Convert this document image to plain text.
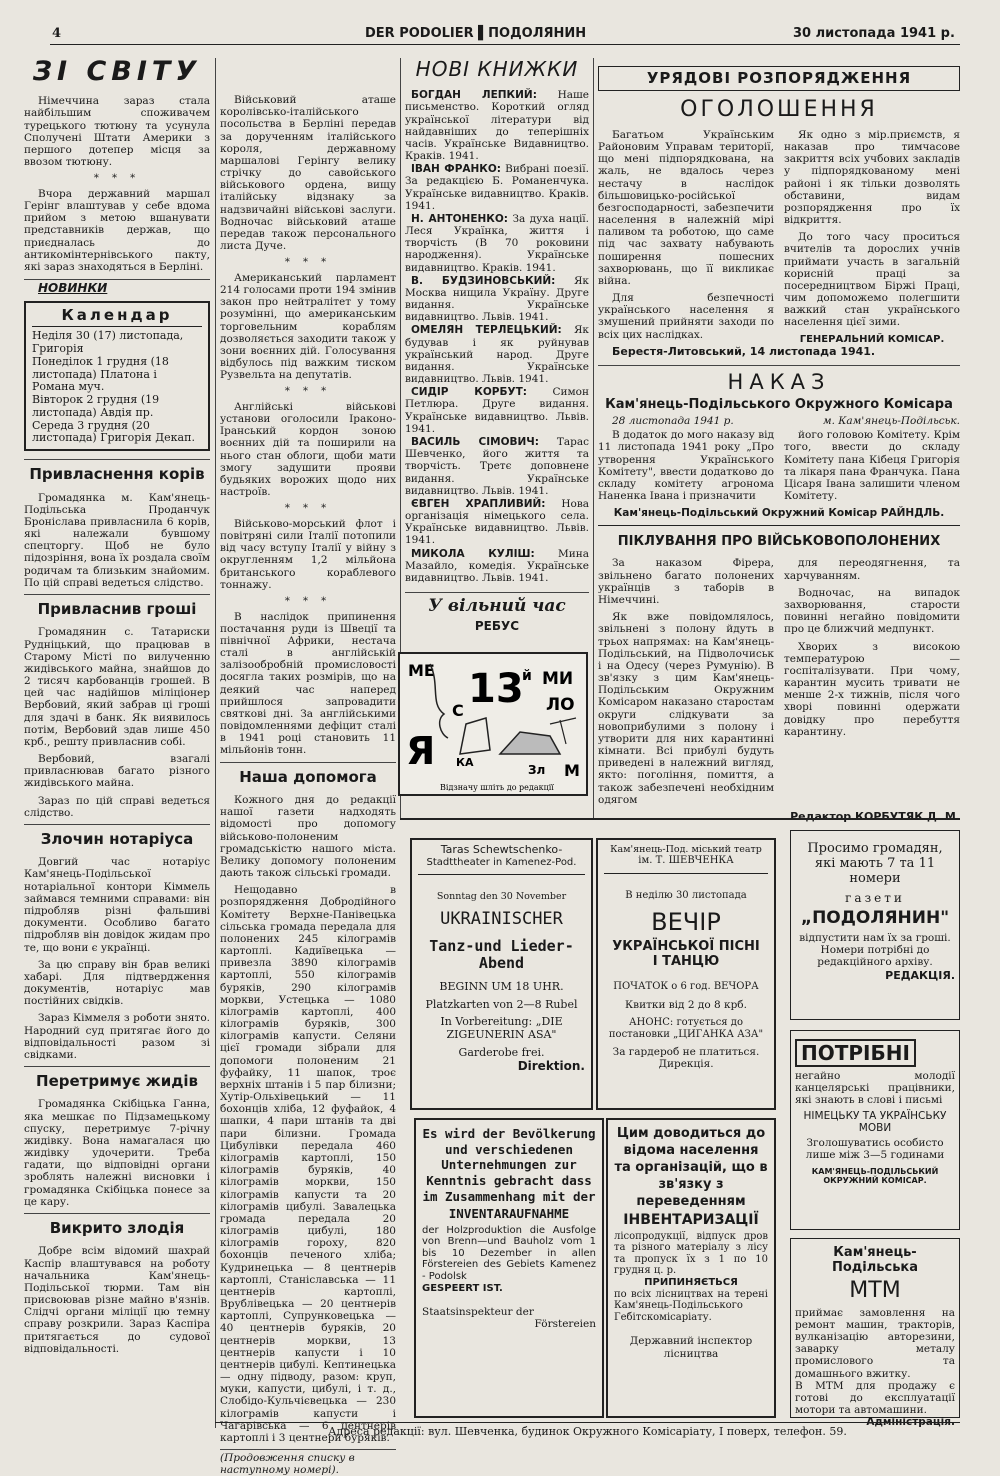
4	DER PODOLIER ▌ПОДОЛЯНИН	30 листопада 1941 р.
ЗІ СВІТУ
Німеччина зараз стала найбільшим споживачем турецького тютюну та усунула Сполучені Штати Америки з першого дотепер місця за ввозом тютюну.
* * *
Вчора державний маршал Герінг влаштував у себе вдома прийом з метою вшанувати представників держав, що приєдналась до антикомінтернівського пакту, які зараз знаходяться в Берліні.
НОВИНКИ
Календар
Неділя 30 (17) листопада, Григорія
Понеділок 1 грудня (18 листопада) Платона і Романа муч.
Вівторок 2 грудня (19 листопада) Авдія пр.
Середа 3 грудня (20 листопада) Григорія Декап.
Привласнення корів
Громадянка м. Кам'янець-Подільська Проданчук Броніслава привласнила 6 корів, які належали бувшому спецторгу. Щоб не було підозріння, вона їх роздала своїм родичам та близьким знайомим. По цій справі ведеться слідство.
Привласнив гроші
Громадянин с. Татариски Рудніцький, що працював в Старому Місті по вилученню жидівського майна, знайшов до 2 тисяч карбованців грошей. В цей час надійшов міліціонер Вербовий, який забрав ці гроші для здачі в банк. Як виявилось потім, Вербовий здав лише 450 крб., решту привласнив собі.
Вербовий, взагалі привласнював багато різного жидівського майна.
Зараз по цій справі ведеться слідство.
Злочин нотаріуса
Довгий час нотаріус Кам'янець-Подільської нотаріальної контори Кіммель займався темними справами: він підробляв різні фальшиві документи. Особливо багато підробляв він довідок жидам про те, що вони є українці.
За цю справу він брав великі хабарі. Для підтвердження документів, нотаріус мав постійних свідків.
Зараз Кіммеля з роботи знято. Народний суд притягає його до відповідальності разом зі свідками.
Перетримує жидів
Громадянка Скібіцька Ганна, яка мешкає по Підзамецькому спуску, перетримує 7-річну жидівку. Вона намагалася цю жидівку удочерити. Треба гадати, що відповідні органи зроблять належні висновки і громадянка Скібіцька понесе за це кару.
Викрито злодія
Добре всім відомий шахрай Каспір влаштувався на роботу начальника Кам'янець-Подільської тюрми. Там він присвоював різне майно в'язнів. Слідчі органи міліції цю темну справу розкрили. Зараз Каспіра притягається до судової відповідальності.
Військовий аташе королівсько-італійського посольства в Берліні передав за дорученням італійського короля, державному маршалові Герінгу велику стрічку до савойського військового ордена, вищу італійську відзнаку за надзвичайні військові заслуги. Водночас військовий аташе передав також персонального листа Дуче.
* * *
Американський парламент 214 голосами проти 194 змінив закон про нейтралітет у тому розумінні, що американським торговельним кораблям дозволяється заходити також у зони воєнних дій. Голосування відбулось під важким тиском Рузвельта на депутатів.
* * *
Англійські військові установи оголосили Іраконо-Іранський кордон зоною воєнних дій та поширили на нього стан облоги, щоби мати змогу задушити прояви будьяких ворожих щодо них настроїв.
* * *
Військово-морський флот і повітряні сили Італії потопили від часу вступу Італії у війну з округленням 1,2 мільйона британського кораблевого тоннажу.
* * *
В наслідок припинення постачання руди із Швеції та північної Африки, нестача сталі в англійській залізообробній промисловості досягла таких розмірів, що на деякий час наперед прийшлося запровадити святкові дні. За англійськими повідомленнями дефіцит сталі в 1941 році становить 11 мільйонів тонн.
Наша допомога
Кожного дня до редакції нашої газети надходять відомості про допомогу військово-полоненим громадськістю нашого міста. Велику допомогу полоненим дають також сільські громади.
Нещодавно в розпорядження Добродійного Комітету Верхне-Панівецька сільська громада передала для полонених 245 кілограмів картоплі. Кадиївецька — привезла 3890 кілограмів картоплі, 550 кілограмів буряків, 290 кілограмів моркви, Устецька — 1080 кілограмів картоплі, 400 кілограмів буряків, 300 кілограмів капусти. Селяни цієї громади зібрали для допомоги полоненим 21 фуфайку, 11 шапок, троє верхніх штанів і 5 пар білизни; Хутір-Ольхівецький — 11 бохонців хліба, 12 фуфайок, 4 шапки, 4 пари штанів та дві пари білизни. Громада Цибулівки передала 460 кілограмів картоплі, 150 кілограмів буряків, 40 кілограмів моркви, 150 кілограмів капусти та 20 кілограмів цибулі. Завалецька громада передала 20 кілограмів цибулі, 180 кілограмів гороху, 820 бохонців печеного хліба; Кудринецька — 8 центнерів картоплі, Станіславська — 11 центнерів картоплі, Врублівецька — 20 центнерів картоплі, Супрунковецька — 40 центнерів буряків, 20 центнерів моркви, 13 центнерів капусти і 10 центнерів цибулі. Кептинецька — одну підводу, разом: круп, муки, капусти, цибулі, і т. д., Слобідо-Кульчієвецька — 230 кілограмів капусти і Чагарівська — 6 центнерів картоплі і 3 центнери буряків.
(Продовження списку в наступному номері).
НОВІ КНИЖКИ
БОГДАН ЛЕПКИЙ: Наше письменство. Короткий огляд української літератури від найдавніших до теперішніх часів. Українське Видавництво. Краків. 1941.
ІВАН ФРАНКО: Вибрані поезії. За редакцією Б. Романенчука. Українське видавництво. Краків. 1941.
Н. АНТОНЕНКО: За духа нації. Леся Українка, життя і творчість (В 70 роковини народження). Українське видавництво. Краків. 1941.
В. БУДЗИНОВСЬКИЙ: Як Москва нищила Україну. Друге видання. Українське видавництво. Львів. 1941.
ОМЕЛЯН ТЕРЛЕЦЬКИЙ: Як будував і як руйнував український народ. Друге видання. Українське видавництво. Львів. 1941.
СИДІР КОРБУТ: Симон Петлюра. Друге видання. Українське видавництво. Львів. 1941.
ВАСИЛЬ СІМОВИЧ: Тарас Шевченко, його життя та творчість. Третє доповнене видання. Українське видавництво. Львів. 1941.
ЄВГЕН ХРАПЛИВИЙ: Нова організація німецького села. Українське видавництво. Львів. 1941.
МИКОЛА КУЛІШ: Мина Мазайло, комедія. Українське видавництво. Львів. 1941.
У вільний час
РЕБУС
МЕ 13
й МИ
ЛО
С
Я КА
Зл М
Відзначу шліть до редакції
УРЯДОВІ РОЗПОРЯДЖЕННЯ
ОГОЛОШЕННЯ
Багатьом Українським Районовим Управам території, що мені підпорядкована, на жаль, не вдалось через нестачу в наслідок більшовицько-російської безгосподарності, забезпечити населення в належній мірі паливом та роботою, що саме під час захвату набувають поширення пошесних захворювань, що її викликає війна.
Для безпечності українського населення я змушений прийняти заходи по всіх цих наслідках.
Як одно з мір.приємств, я наказав про тимчасове закриття всіх учбових закладів у підпорядкованому мені районі і як тільки дозволять обставини, видам розпорядження про їх відкриття.
До того часу проситься вчителів та дорослих учнів приймати участь в загальній корисній праці за посередництвом Біржі Праці, чим допоможемо полегшити важкий стан українського населення цієї зими.
ГЕНЕРАЛЬНИЙ КОМІСАР.
Берестя-Литовський, 14 листопада 1941.
НАКАЗ
Кам'янець-Подільського Окружного Комісара
28 листопада 1941 р.	м. Кам'янець-Подільськ.
В додаток до мого наказу від 11 листопада 1941 року „Про утворення Українського Комітету", ввести додатково до складу комітету агронома Наненка Івана і призначити
його головою Комітету. Крім того, ввести до складу Комітету пана Кібеця Григорія та лікаря пана Франчука. Пана Цісаря Івана залишити членом Комітету.
Кам'янець-Подільський Окружний Комісар РАЙНДЛЬ.
ПІКЛУВАННЯ ПРО ВІЙСЬКОВОПОЛОНЕНИХ
За наказом Фірера, звільнено багато полонених українців з таборів в Німеччині.
Як вже повідомлялось, звільнені з полону йдуть в трьох напрямах: на Кам'янець-Подільський, на Підволочиськ і на Одесу (через Румунію). В зв'язку з цим Кам'янець-Подільським Окружним Комісаром наказано старостам округи слідкувати за новоприбулими з полону і утворити для них карантинні кімнати. Всі прибулі будуть приведені в належний вигляд, якто: погоління, помиття, а також забезпечені необхідним одягом
для переодягнення, та харчуванням.
Водночас, на випадок захворювання, старости повинні негайно повідомити про це ближчий медпункт.
Хворих з високою температурою — госпіталізувати. При чому, карантин мусить тривати не менше 2-х тижнів, після чого хворі повинні одержати довідку про перебуття карантину.
Редактор КОРБУТЯК Д. М.
Taras Schewtschenko-
Stadttheater in Kamenez-Pod.
Sonntag den 30 November
UKRAINISCHER
Tanz-und Lieder-Abend
BEGINN UM 18 UHR.
Platzkarten von 2—8 Rubel
In Vorbereitung: „DIE ZIGEUNERIN ASA"
Garderobe frei.
Direktion.
Кам'янець-Под. міський театр
ім. Т. ШЕВЧЕНКА
В неділю 30 листопада
ВЕЧІР
УКРАЇНСЬКОЇ ПІСНІ
І ТАНЦЮ
ПОЧАТОК о 6 год. ВЕЧОРА
Квитки від 2 до 8 крб.
АНОНС: готується до постановки „ЦИГАНКА АЗА"
За гардероб не платиться.
Дирекція.
Просимо громадян,
які мають 7 та 11
номери
газети
„ПОДОЛЯНИН"
відпустити нам їх за гроші. Номери потрібні до редакційного архіву.
РЕДАКЦІЯ.
ПОТРІБНІ
негайно молодії канцелярські працівники, які знають в слові і письмі
НІМЕЦЬКУ ТА УКРАЇНСЬКУ МОВИ
Зголошуватись особисто лише між 3—5 годинами
КАМ'ЯНЕЦЬ-ПОДІЛЬСЬКИЙ ОКРУЖНИЙ КОМІСАР.
Es wird der Bevölkerung und verschiedenen Unternehmungen zur Kenntnis gebracht dass im Zusammenhang mit der
INVENTARAUFNAHME
der Holzproduktion die Ausfolge von Brenn—und Bauholz vom 1 bis 10 Dezember in allen Förstereien des Gebiets Kamenez - Podolsk
GESPEERT IST.
Staatsinspekteur der
Förstereien
Цим доводиться до відома населення та організацій, що в зв'язку з переведенням
ІНВЕНТАРИЗАЦІЇ
лісопродукції, відпуск дров та різного матеріалу з лісу та пропуск їх з 1 по 10 грудня ц. р.
ПРИПИНЯЄТЬСЯ
по всіх лісництвах на терені Кам'янець-Подільського Гебітскомісаріату.
Державний інспектор
лісництва
Кам'янець-Подільська
МТМ
приймає замовлення на ремонт машин, тракторів, вулканізацію авторезини, заварку металу промислового та домашнього вжитку.
В МТМ для продажу є готові до експлуатації мотори та автомашини.
Адміністрація.
Адреса редакції: вул. Шевченка, будинок Окружного Комісаріату, І поверх, телефон. 59.
